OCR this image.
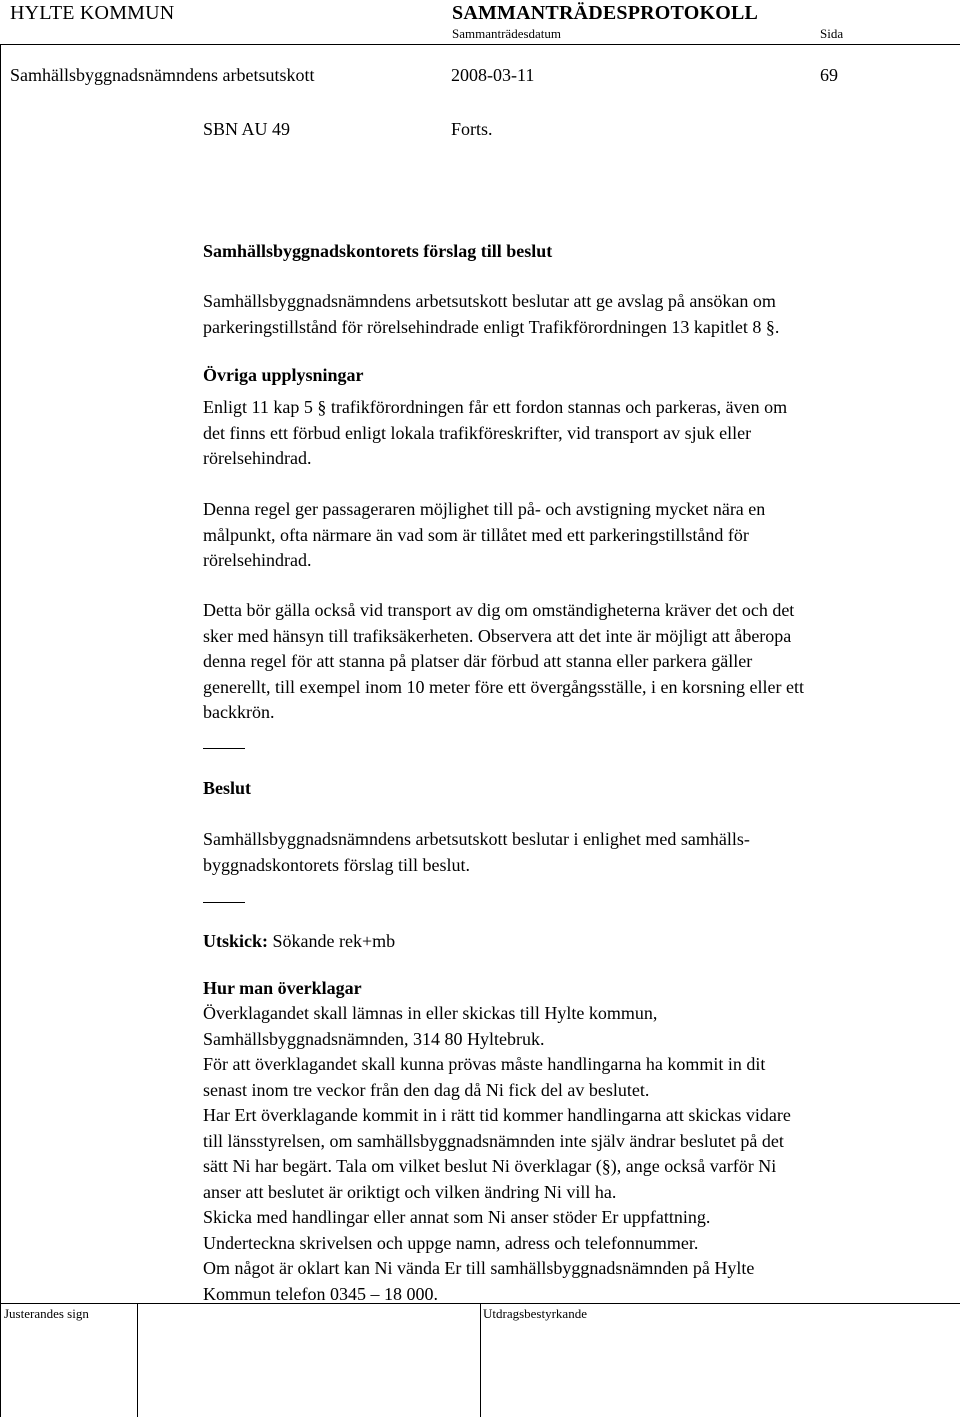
HYLTE KOMMUN	SAMMANTRÄDESPROTOKOLL
Sammanträdesdatum	Sida
Samhällsbyggnadsnämndens arbetsutskott	2008-03-11	69
SBN AU 49	Forts.
Samhällsbyggnadskontorets förslag till beslut
Samhällsbyggnadsnämndens arbetsutskott beslutar att ge avslag på ansökan om
parkeringstillstånd för rörelsehindrade enligt Trafikförordningen 13 kapitlet 8 §.
Övriga upplysningar
Enligt 11 kap 5 § trafikförordningen får ett fordon stannas och parkeras, även om
det finns ett förbud enligt lokala trafikföreskrifter, vid transport av sjuk eller
rörelsehindrad.
Denna regel ger passageraren möjlighet till på- och avstigning mycket nära en
målpunkt, ofta närmare än vad som är tillåtet med ett parkeringstillstånd för
rörelsehindrad.
Detta bör gälla också vid transport av dig om omständigheterna kräver det och det
sker med hänsyn till trafiksäkerheten. Observera att det inte är möjligt att åberopa
denna regel för att stanna på platser där förbud att stanna eller parkera gäller
generellt, till exempel inom 10 meter före ett övergångsställe, i en korsning eller ett
backkrön.
Beslut
Samhällsbyggnadsnämndens arbetsutskott beslutar i enlighet med samhälls-
byggnadskontorets förslag till beslut.
Utskick: Sökande rek+mb
Hur man överklagar
Överklagandet skall lämnas in eller skickas till Hylte kommun,
Samhällsbyggnadsnämnden, 314 80 Hyltebruk.
För att överklagandet skall kunna prövas måste handlingarna ha kommit in dit
senast inom tre veckor från den dag då Ni fick del av beslutet.
Har Ert överklagande kommit in i rätt tid kommer handlingarna att skickas vidare
till länsstyrelsen, om samhällsbyggnadsnämnden inte själv ändrar beslutet på det
sätt Ni har begärt. Tala om vilket beslut Ni överklagar (§), ange också varför Ni
anser att beslutet är oriktigt och vilken ändring Ni vill ha.
Skicka med handlingar eller annat som Ni anser stöder Er uppfattning.
Underteckna skrivelsen och uppge namn, adress och telefonnummer.
Om något är oklart kan Ni vända Er till samhällsbyggnadsnämnden på Hylte
Kommun telefon 0345 – 18 000.
Justerandes sign	Utdragsbestyrkande
